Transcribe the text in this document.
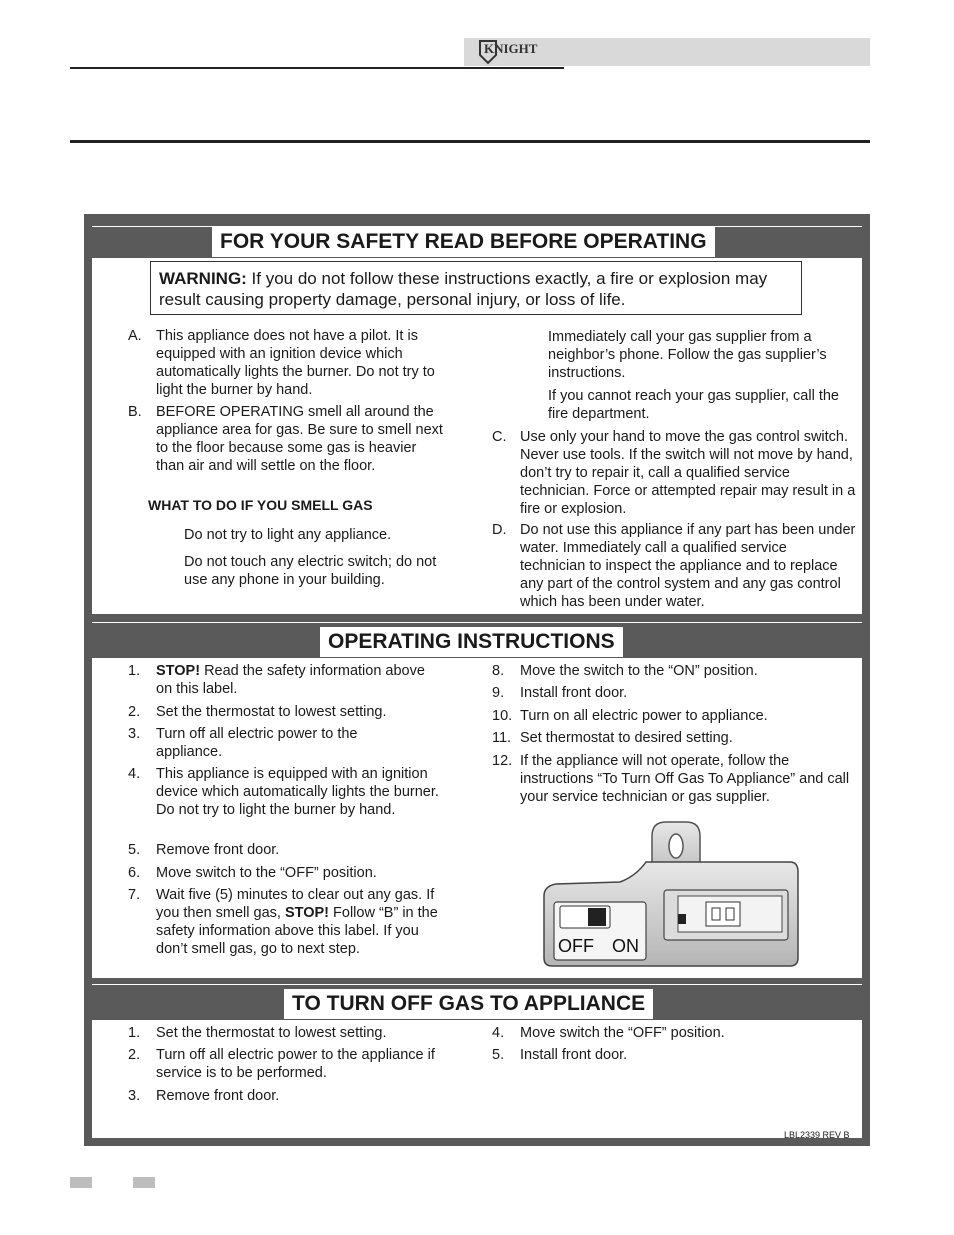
KNIGHT
FOR YOUR SAFETY READ BEFORE OPERATING
OPERATING INSTRUCTIONS
TO TURN OFF GAS TO APPLIANCE
WARNING: If you do not follow these instructions exactly, a fire or explosion may result causing property damage, personal injury, or loss of life.
A. This appliance does not have a pilot. It is equipped with an ignition device which automatically lights the burner. Do not try to light the burner by hand.
B. BEFORE OPERATING smell all around the appliance area for gas. Be sure to smell next to the floor because some gas is heavier than air and will settle on the floor.
WHAT TO DO IF YOU SMELL GAS
Do not try to light any appliance.
Do not touch any electric switch; do not use any phone in your building.
Immediately call your gas supplier from a neighbor’s phone. Follow the gas supplier’s instructions.
If you cannot reach your gas supplier, call the fire department.
C. Use only your hand to move the gas control switch. Never use tools. If the switch will not move by hand, don’t try to repair it, call a qualified service technician. Force or attempted repair may result in a fire or explosion.
D. Do not use this appliance if any part has been under water. Immediately call a qualified service technician to inspect the appliance and to replace any part of the control system and any gas control which has been under water.
1. STOP! Read the safety information above on this label.
2. Set the thermostat to lowest setting.
3. Turn off all electric power to the appliance.
4. This appliance is equipped with an ignition device which automatically lights the burner. Do not try to light the burner by hand.
5. Remove front door.
6. Move switch to the “OFF” position.
7. Wait five (5) minutes to clear out any gas. If you then smell gas, STOP! Follow “B” in the safety information above this label. If you don’t smell gas, go to next step.
8. Move the switch to the “ON” position.
9. Install front door.
10. Turn on all electric power to appliance.
11. Set thermostat to desired setting.
12. If the appliance will not operate, follow the instructions “To Turn Off Gas To Appliance” and call your service technician or gas supplier.
OFF ON
1. Set the thermostat to lowest setting.
2. Turn off all electric power to the appliance if service is to be performed.
3. Remove front door.
4. Move switch the “OFF” position.
5. Install front door.
LBL2339 REV B
